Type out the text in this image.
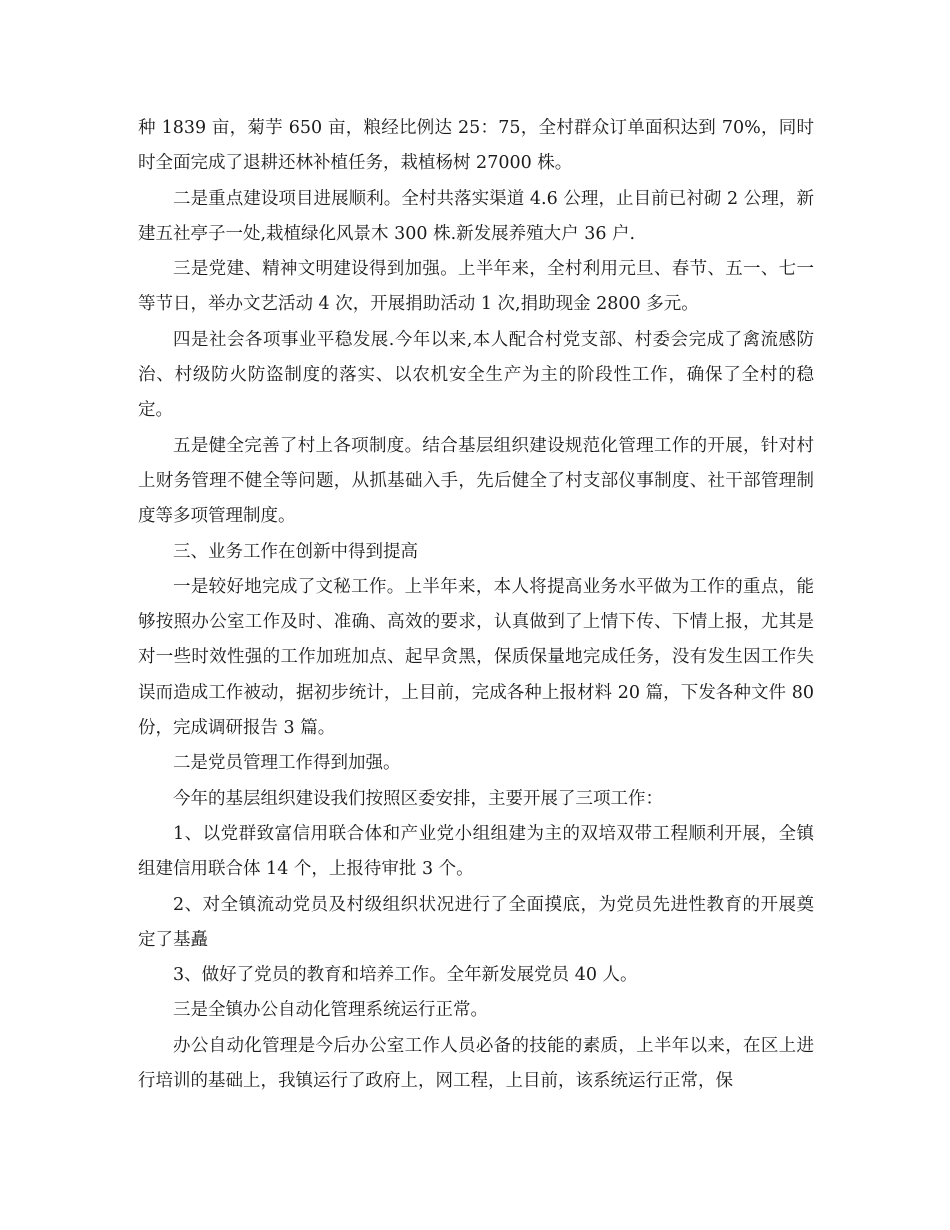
种 1839 亩，菊芋 650 亩，粮经比例达 25：75，全村群众订单面积达到 70%，同时时全面完成了退耕还林补植任务，栽植杨树 27000 株。

二是重点建设项目进展顺利。全村共落实渠道 4.6 公理，止目前已衬砌 2 公理，新建五社亭子一处,栽植绿化风景木 300 株.新发展养殖大户 36 户.

三是党建、精神文明建设得到加强。上半年来，全村利用元旦、春节、五一、七一等节日，举办文艺活动 4 次，开展捐助活动 1 次,捐助现金 2800 多元。

四是社会各项事业平稳发展.今年以来,本人配合村党支部、村委会完成了禽流感防治、村级防火防盗制度的落实、以农机安全生产为主的阶段性工作，确保了全村的稳定。

五是健全完善了村上各项制度。结合基层组织建设规范化管理工作的开展，针对村上财务管理不健全等问题，从抓基础入手，先后健全了村支部仪事制度、社干部管理制度等多项管理制度。

三、业务工作在创新中得到提高

一是较好地完成了文秘工作。上半年来，本人将提高业务水平做为工作的重点，能够按照办公室工作及时、准确、高效的要求，认真做到了上情下传、下情上报，尤其是对一些时效性强的工作加班加点、起早贪黑，保质保量地完成任务，没有发生因工作失误而造成工作被动，据初步统计，上目前，完成各种上报材料 20 篇，下发各种文件 80 份，完成调研报告 3 篇。

二是党员管理工作得到加强。

今年的基层组织建设我们按照区委安排，主要开展了三项工作：

1、以党群致富信用联合体和产业党小组组建为主的双培双带工程顺利开展，全镇组建信用联合体 14 个，上报待审批 3 个。

2、对全镇流动党员及村级组织状况进行了全面摸底，为党员先进性教育的开展奠定了基矗

3、做好了党员的教育和培养工作。全年新发展党员 40 人。

三是全镇办公自动化管理系统运行正常。

办公自动化管理是今后办公室工作人员必备的技能的素质，上半年以来，在区上进行培训的基础上，我镇运行了政府上，网工程，上目前，该系统运行正常，保
